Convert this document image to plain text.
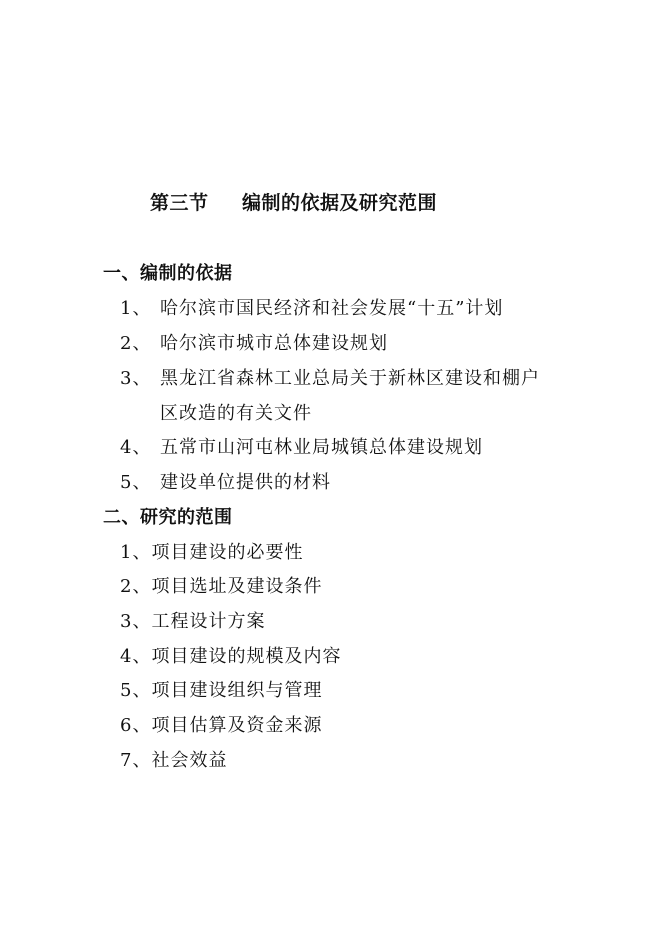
第三节 编制的依据及研究范围
一、编制的依据
1、 哈尔滨市国民经济和社会发展“十五”计划
2、 哈尔滨市城市总体建设规划
3、 黑龙江省森林工业总局关于新林区建设和棚户
区改造的有关文件
4、 五常市山河屯林业局城镇总体建设规划
5、 建设单位提供的材料
二、研究的范围
1、项目建设的必要性
2、项目选址及建设条件
3、工程设计方案
4、项目建设的规模及内容
5、项目建设组织与管理
6、项目估算及资金来源
7、社会效益
